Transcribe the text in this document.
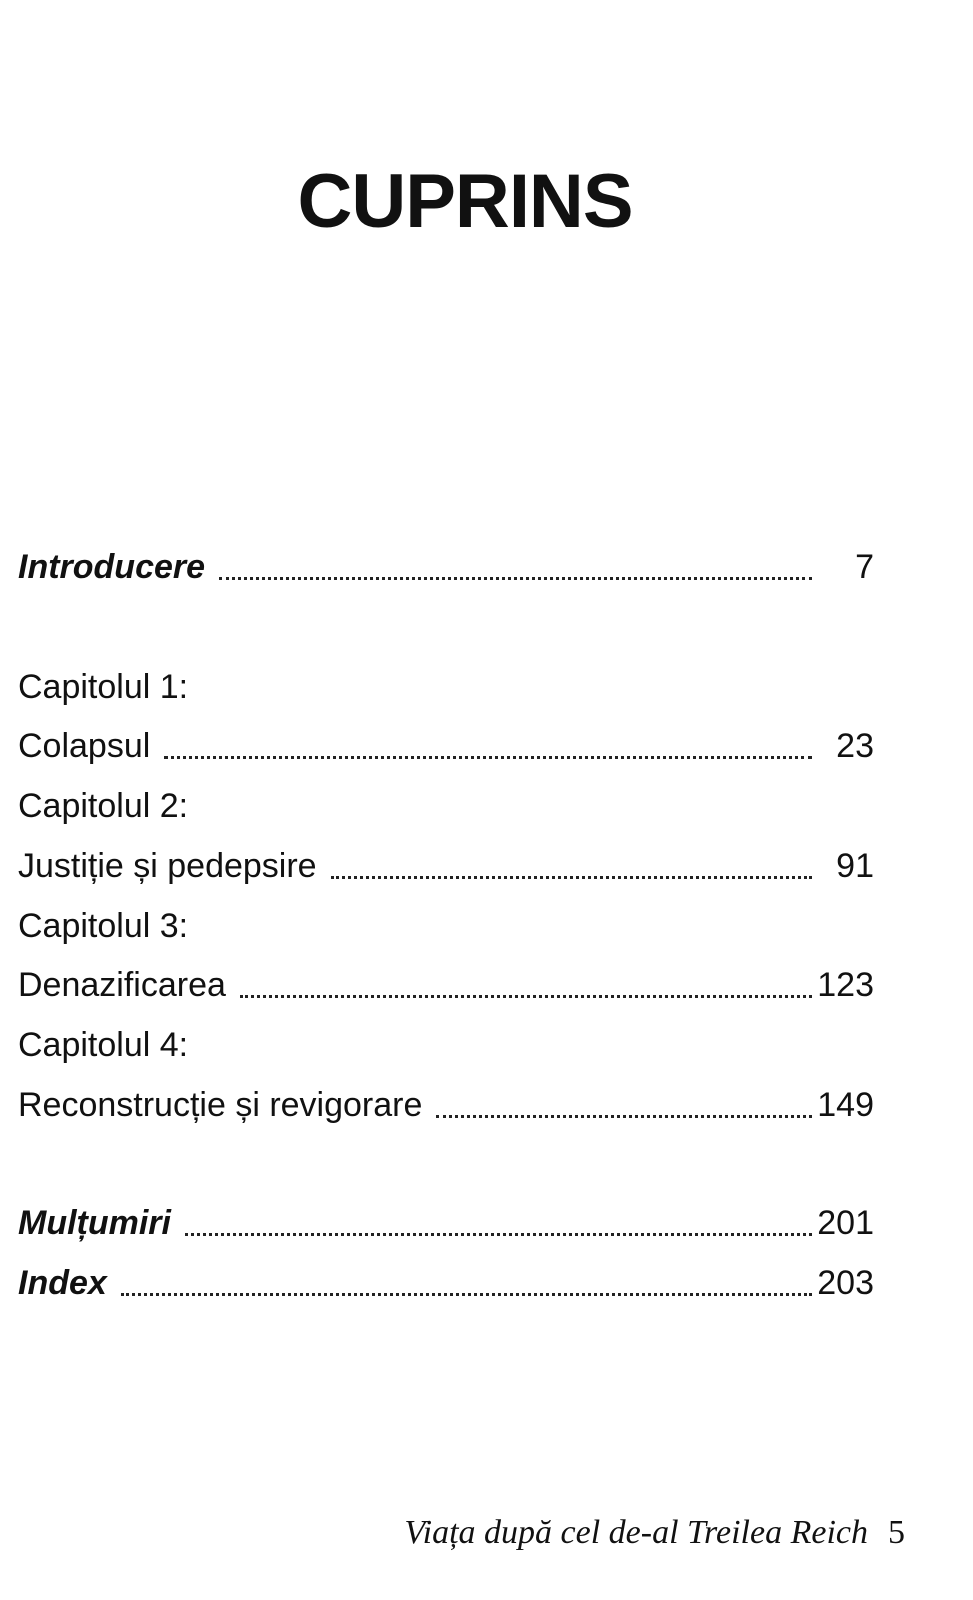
CUPRINS
Introducere	7
Capitolul 1:
Colapsul	23
Capitolul 2:
Justiție și pedepsire	91
Capitolul 3:
Denazificarea	123
Capitolul 4:
Reconstrucție și revigorare	149
Mulțumiri	201
Index	203
Viața după cel de-al Treilea Reich 5
